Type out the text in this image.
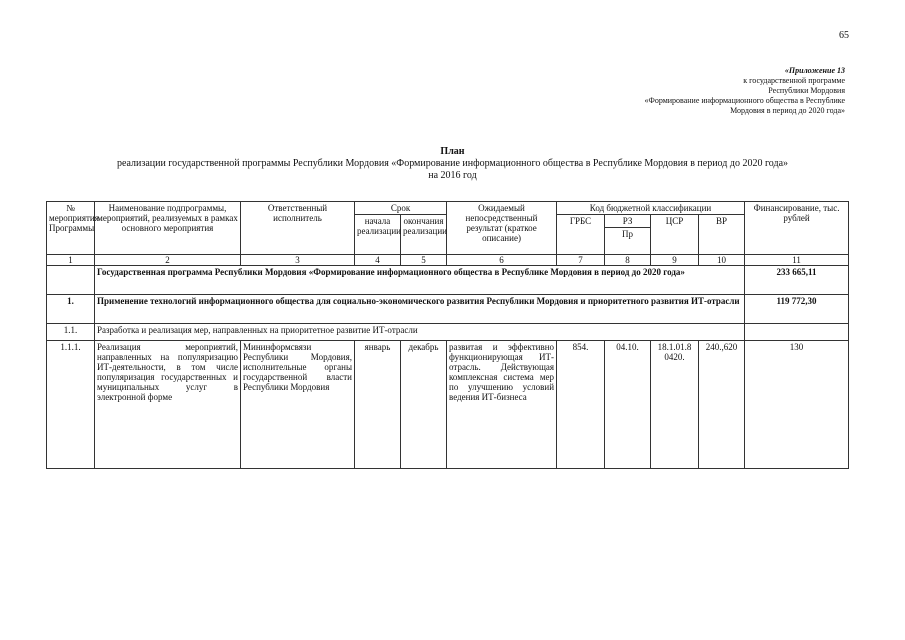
65
«Приложение 13
к государственной программе
Республики Мордовия
«Формирование информационного общества в Республике
Мордовия в период до 2020 года»
План
реализации государственной программы Республики Мордовия «Формирование информационного общества в Республике Мордовия в период до 2020 года»
на 2016 год
№ мероприятия Программы	Наименование подпрограммы, мероприятий, реализуемых в рамках основного мероприятия	Ответственный исполнитель	Срок		Ожидаемый непосредственный результат (краткое описание)	Код бюджетной классификации				Финансирование, тыс. рублей
			начала реализации	окончания реализации		ГРБС	РЗ	ЦСР	ВР	
							Пр			
1	2	3	4	5	6	7	8	9	10	11
	Государственная программа Республики Мордовия «Формирование информационного общества в Республике Мордовия в период до 2020 года»									233 665,11
1.	Применение технологий информационного общества для социально-экономического развития Республики Мордовия и приоритетного развития ИТ-отрасли									119 772,30
1.1.	Разработка и реализация мер, направленных на приоритетное развитие ИТ-отрасли									
1.1.1.	Реализация мероприятий, направленных на популяризацию ИТ-деятельности, в том числе популяризация государственных и муниципальных услуг в электронной форме	Мининформсвязи Республики Мордовия, исполнительные органы государственной власти Республики Мордовия	январь	декабрь	развитая и эффективно функционирующая ИТ-отрасль. Действующая комплексная система мер по улучшению условий ведения ИТ-бизнеса	854.	04.10.	18.1.01.8 0420.	240.,620	130
